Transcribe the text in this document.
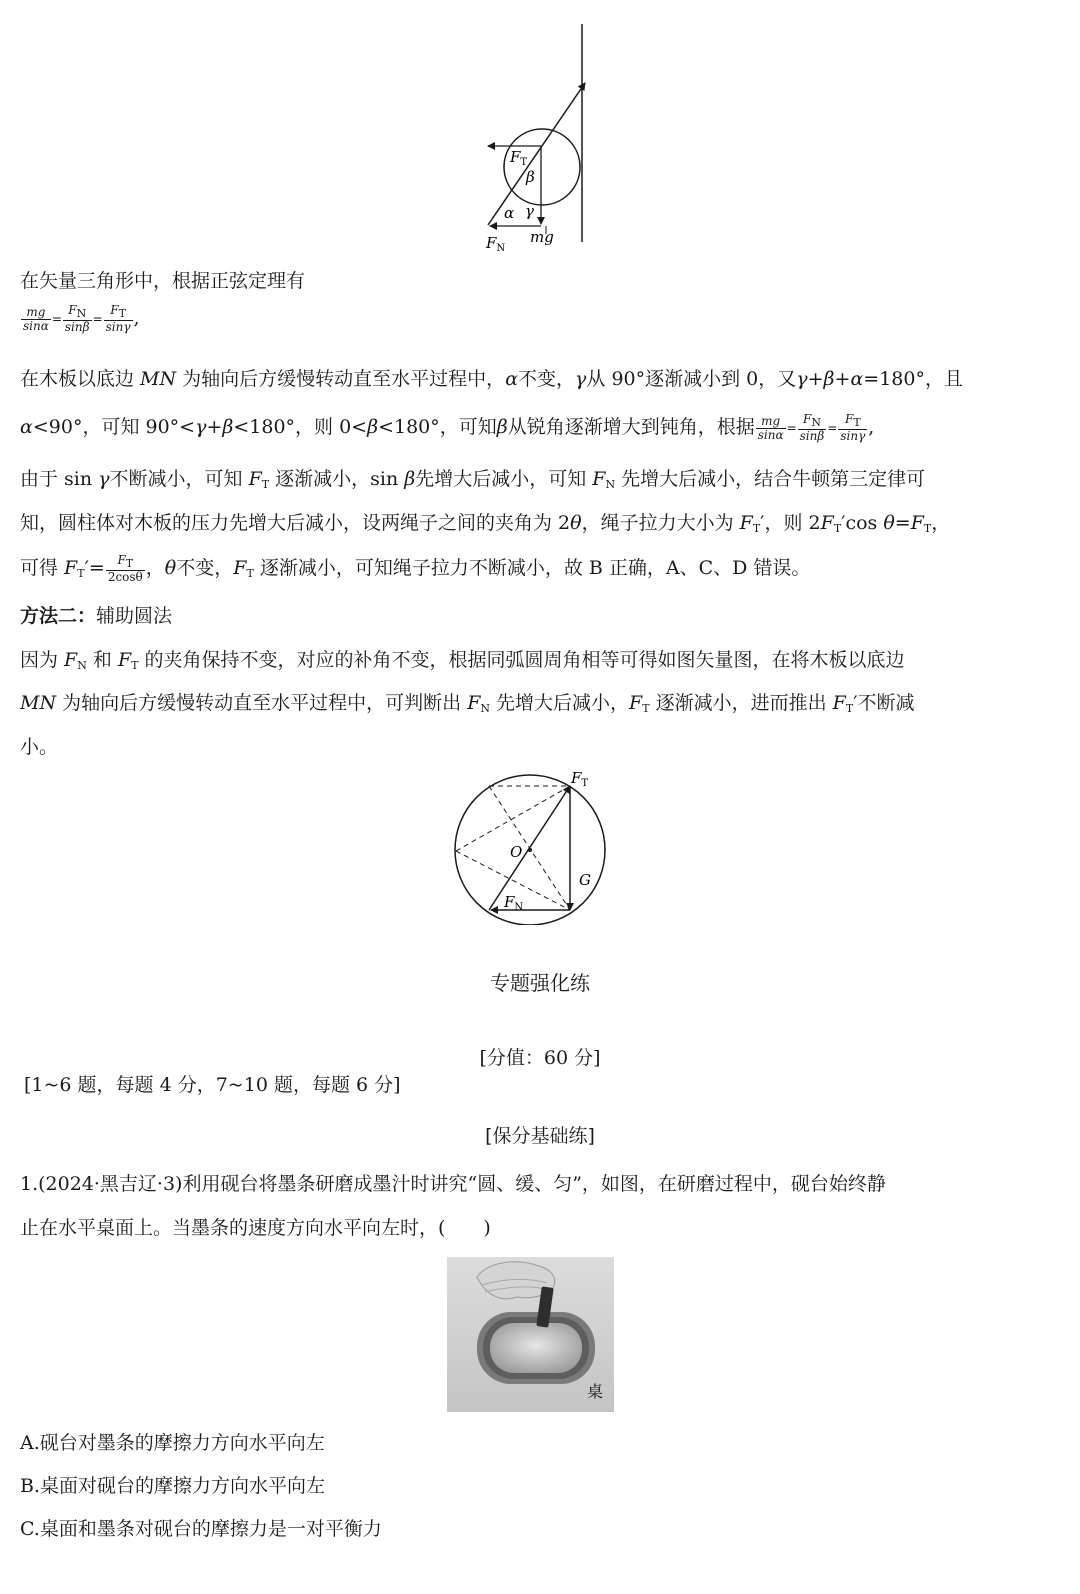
$F_T$
β
α γ
$F_N$
mg
在矢量三角形中，根据正弦定理有
$\frac{mg}{\sin\alpha} = \frac{FN}{\sin\beta} = \frac{FT}{\sin\gamma}$ ,
在木板以底边 MN 为轴向后方缓慢转动直至水平过程中，α不变，γ从 90°逐渐减小到 0，又γ+β+α=180°，且
α<90°，可知 90°<γ+β<180°，则 0<β<180°，可知β从锐角逐渐增大到钝角，根据 $\frac{mg}{\sin\alpha} = \frac{FN}{\sin\beta} = \frac{FT}{\sin\gamma}$ ,
由于 sin γ不断减小，可知 $F_T$ 逐渐减小，sin β先增大后减小，可知 $F_N$ 先增大后减小，结合牛顿第三定律可
知，圆柱体对木板的压力先增大后减小，设两绳子之间的夹角为 2θ，绳子拉力大小为 $F_T'$，则 $2F_T'\cos$ $\theta=F_T$，
可得 $F_T'= \frac{FT}{2\cos\theta}$ ，θ不变，$F_T$ 逐渐减小，可知绳子拉力不断减小，故 B 正确，A、C、D 错误。
方法二：辅助圆法
因为 $F_N$ 和 $F_T$ 的夹角保持不变，对应的补角不变，根据同弧圆周角相等可得如图矢量图，在将木板以底边
MN 为轴向后方缓慢转动直至水平过程中，可判断出 $F_N$ 先增大后减小，$F_T$ 逐渐减小，进而推出 $F_T'$不断减
小。
$F_T$
O
G
$F_N$
专题强化练
[分值：60 分]
[1~6 题，每题 4 分，7~10 题，每题 6 分]
[保分基础练]
1.(2024·黑吉辽·3)利用砚台将墨条研磨成墨汁时讲究“圆、缓、匀”，如图，在研磨过程中，砚台始终静
止在水平桌面上。当墨条的速度方向水平向左时，(　　)
桌
A.砚台对墨条的摩擦力方向水平向左
B.桌面对砚台的摩擦力方向水平向左
C.桌面和墨条对砚台的摩擦力是一对平衡力
